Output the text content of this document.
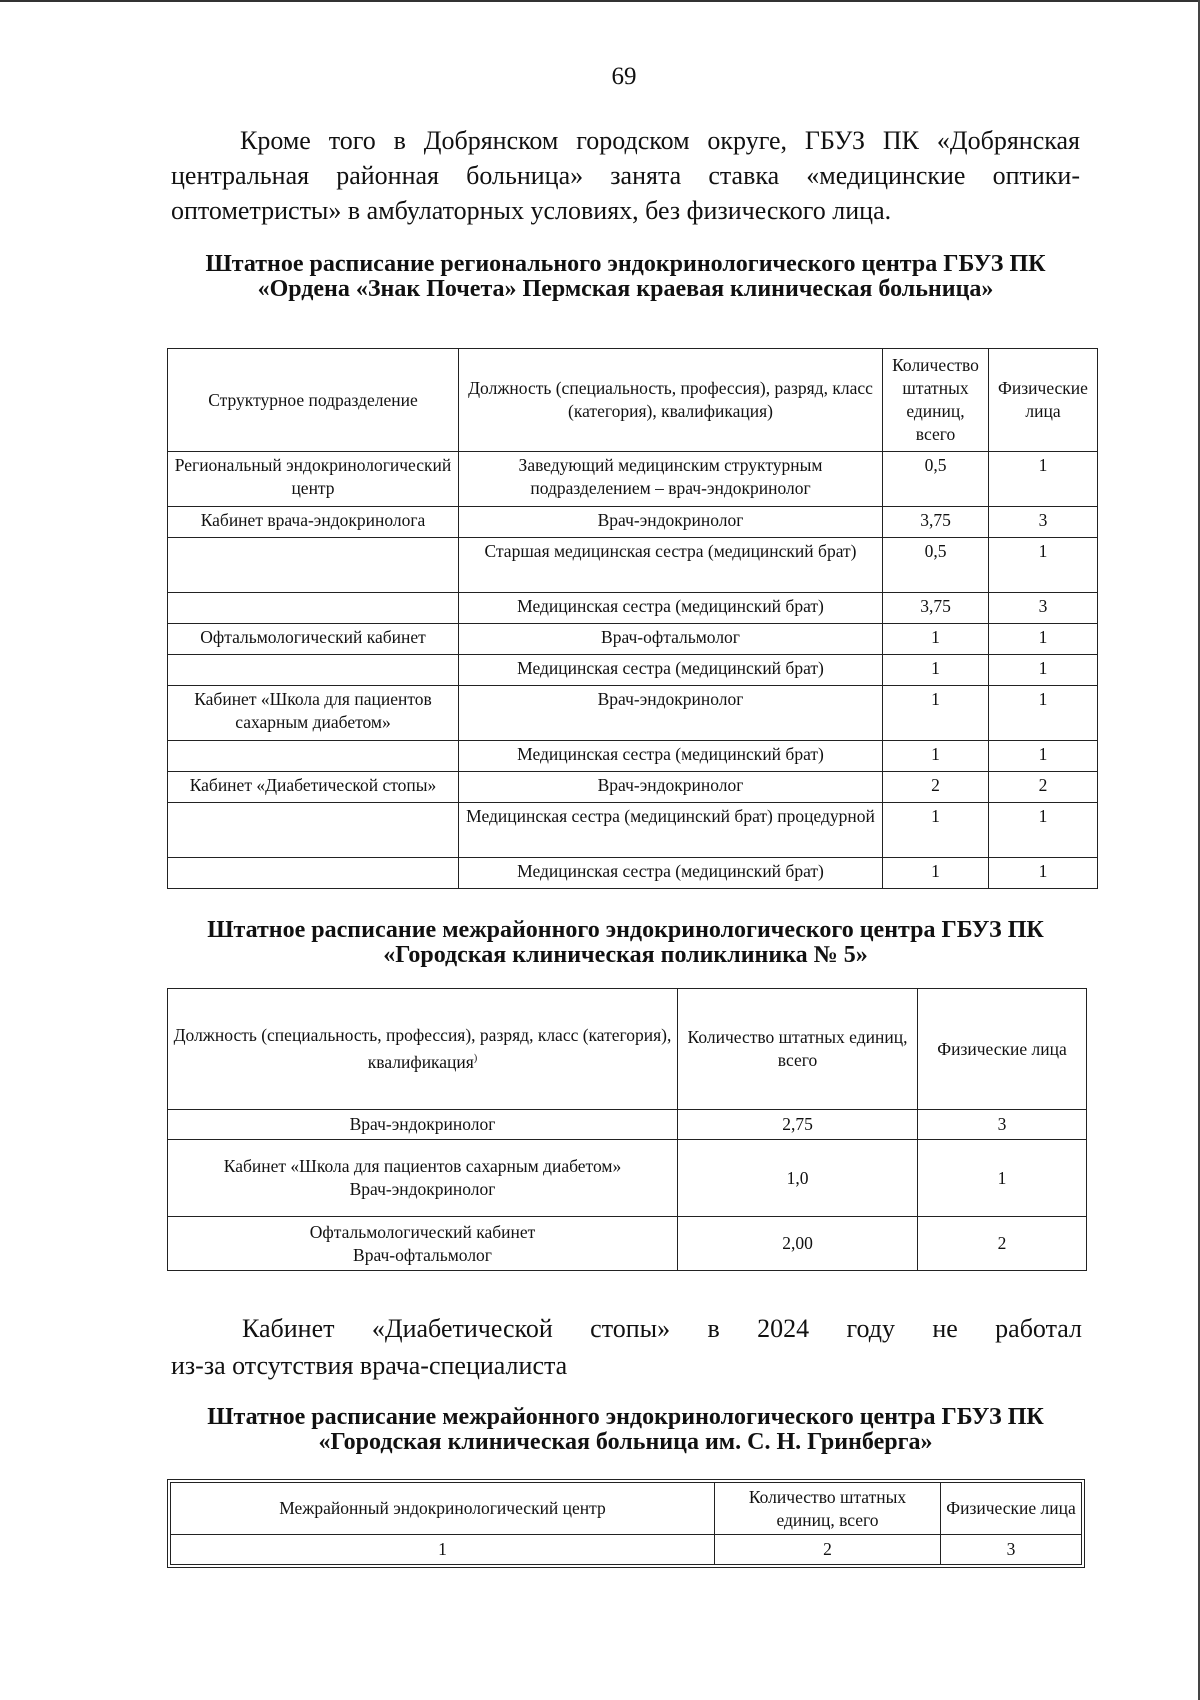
69
Кроме того в Добрянском городском округе, ГБУЗ ПК «Добрянская центральная районная больница» занята ставка «медицинские оптики-оптометристы» в амбулаторных условиях, без физического лица.
Штатное расписание регионального эндокринологического центра ГБУЗ ПК «Ордена «Знак Почета» Пермская краевая клиническая больница»
Структурное подразделение	Должность (специальность, профессия), разряд, класс (категория), квалификация)	Количество штатных единиц, всего	Физические лица
Региональный эндокринологический центр	Заведующий медицинским структурным подразделением – врач-эндокринолог	0,5	1
Кабинет врача-эндокринолога	Врач-эндокринолог	3,75	3
	Старшая медицинская сестра (медицинский брат)	0,5	1
	Медицинская сестра (медицинский брат)	3,75	3
Офтальмологический кабинет	Врач-офтальмолог	1	1
	Медицинская сестра (медицинский брат)	1	1
Кабинет «Школа для пациентов сахарным диабетом»	Врач-эндокринолог	1	1
	Медицинская сестра (медицинский брат)	1	1
Кабинет «Диабетической стопы»	Врач-эндокринолог	2	2
	Медицинская сестра (медицинский брат) процедурной	1	1
	Медицинская сестра (медицинский брат)	1	1
Штатное расписание межрайонного эндокринологического центра ГБУЗ ПК «Городская клиническая поликлиника № 5»
Должность (специальность, профессия), разряд, класс (категория), квалификация)	Количество штатных единиц, всего	Физические лица

Врач-эндокринолог	2,75	3

Кабинет «Школа для пациентов сахарным диабетом»
Врач-эндокринолог	1,0	1

Офтальмологический кабинет
Врач-офтальмолог	2,00	2
Кабинет «Диабетической стопы» в 2024 году не работал
из-за отсутствия врача-специалиста
Штатное расписание межрайонного эндокринологического центра ГБУЗ ПК «Городская клиническая больница им. С. Н. Гринберга»
Межрайонный эндокринологический центр	Количество штатных единиц, всего	Физические лица
1	2	3
